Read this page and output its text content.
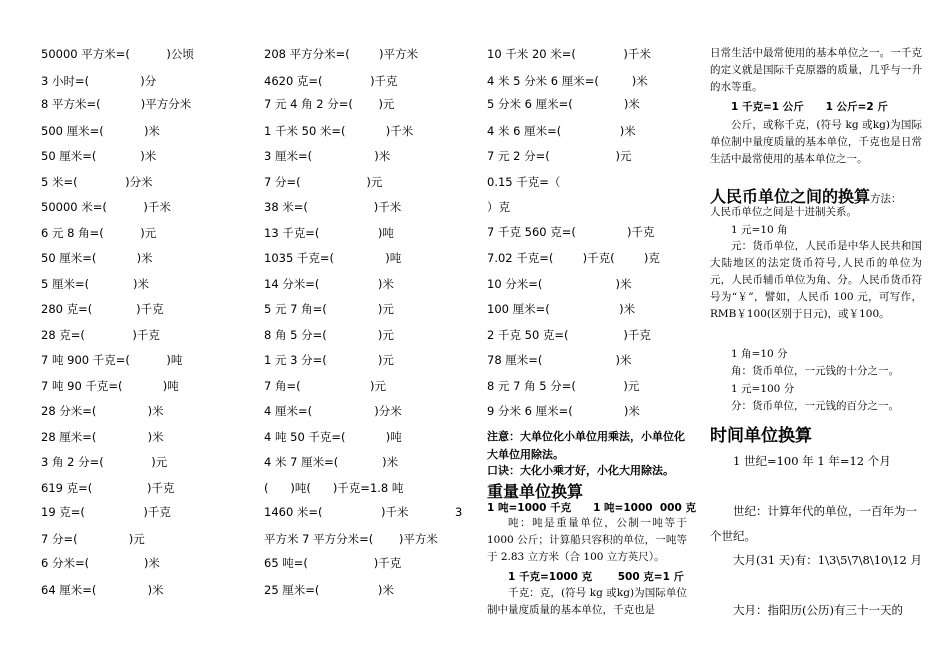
50000 平方米=(          )公顷
3 小时=(              )分
8 平方米=(           )平方分米
500 厘米=(           )米
50 厘米=(            )米
5 米=(             )分米
50000 米=(          )千米
6 元 8 角=(          )元
50 厘米=(           )米
5 厘米=(            )米
280 克=(            )千克
28 克=(             )千克
7 吨 900 千克=(          )吨
7 吨 90 千克=(           )吨
28 分米=(              )米
28 厘米=(              )米
3 角 2 分=(             )元
619 克=(               )千克
19 克=(                )千克
7 分=(              )元
6 分米=(               )米
64 厘米=(              )米
208 平方分米=(        )平方米
4620 克=(             )千克
7 元 4 角 2 分=(       )元
1 千米 50 米=(           )千米
3 厘米=(                 )米
7 分=(                  )元
38 米=(                  )千米
13 千克=(                )吨
1035 千克=(              )吨
14 分米=(                )米
5 元 7 角=(              )元
8 角 5 分=(              )元
1 元 3 分=(              )元
7 角=(                   )元
4 厘米=(                 )分米
4 吨 50 千克=(           )吨
4 米 7 厘米=(            )米
(      )吨(      )千克=1.8 吨
1460 米=(                )千米
平方米 7 平方分米=(       )平方米
65 吨=(                  )千克
25 厘米=(                )米
3
10 千米 20 米=(             )千米
4 米 5 分米 6 厘米=(         )米
5 分米 6 厘米=(              )米
4 米 6 厘米=(                )米
7 元 2 分=(                  )元
0.15 千克=（
）克
7 千克 560 克=(              )千克
7.02 千克=(        )千克(        )克
10 分米=(                    )米
100 厘米=(                   )米
2 千克 50 克=(               )千克
78 厘米=(                    )米
8 元 7 角 5 分=(             )元
9 分米 6 厘米=(              )米
注意：大单位化小单位用乘法，小单位化大单位用除法。
口诀：大化小乘才好，小化大用除法。
重量单位换算
1 吨=1000 千克      1 吨=1000  000 克
吨：吨是重量单位，公制一吨等于 1000 公斤；计算船只容积的单位，一吨等于 2.83 立方米（合 100 立方英尺）。
1 千克=1000 克       500 克=1 斤
千克：克，(符号 kg 或kg)为国际单位制中量度质量的基本单位，千克也是
日常生活中最常使用的基本单位之一。一千克的定义就是国际千克原器的质量，几乎与一升的水等重。
1 千克=1 公斤      1 公斤=2 斤
公斤，或称千克，(符号 kg 或kg)为国际单位制中量度质量的基本单位，千克也是日常生活中最常使用的基本单位之一。
人民币单位之间的换算方法：
人民币单位之间是十进制关系。
1 元=10 角
元：货币单位，人民币是中华人民共和国大陆地区的法定货币符号,人民币的单位为元，人民币辅币单位为角、分。人民币货币符号为“￥”，譬如，人民币 100 元，可写作，RMB￥100(区别于日元)，或￥100。
1 角=10 分
角：货币单位，一元钱的十分之一。
1 元=100 分
分：货币单位，一元钱的百分之一。
时间单位换算
1 世纪=100 年 1 年=12 个月
世纪：计算年代的单位，一百年为一个世纪。
大月(31 天)有：1\3\5\7\8\10\12 月
大月：指阳历(公历)有三十一天的
